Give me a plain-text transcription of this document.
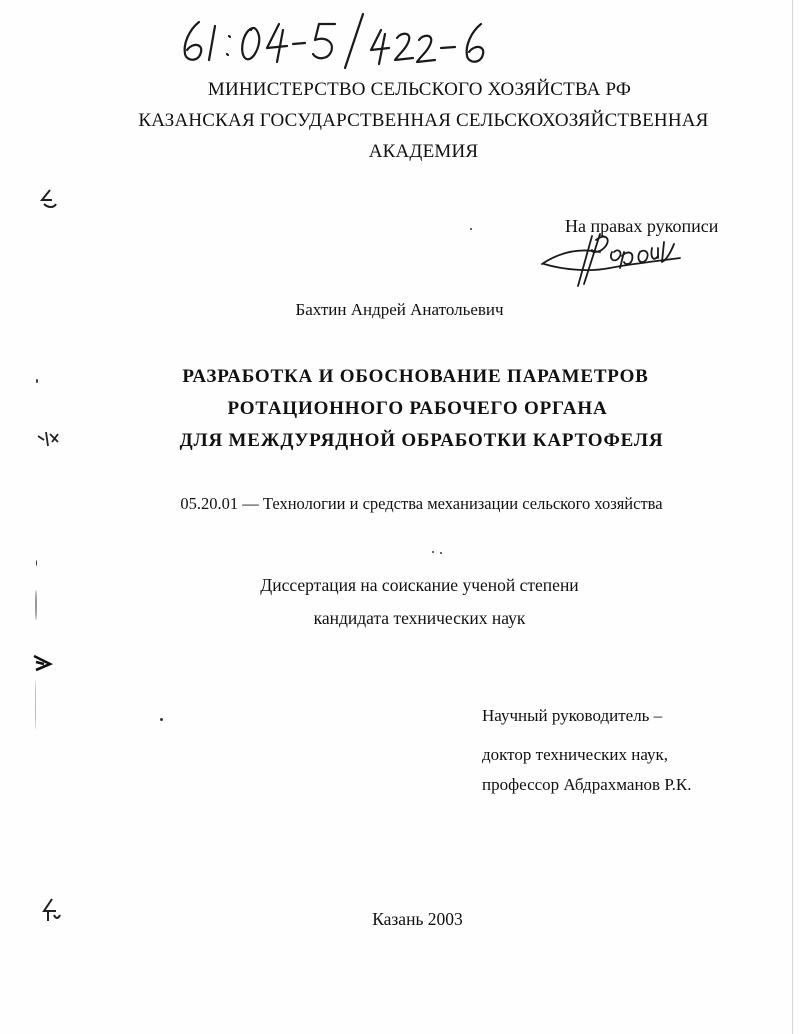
МИНИСТЕРСТВО СЕЛЬСКОГО ХОЗЯЙСТВА РФ
КАЗАНСКАЯ ГОСУДАРСТВЕННАЯ СЕЛЬСКОХОЗЯЙСТВЕННАЯ
АКАДЕМИЯ
На правах рукописи
Бахтин Андрей Анатольевич
РАЗРАБОТКА И ОБОСНОВАНИЕ ПАРАМЕТРОВ
РОТАЦИОННОГО РАБОЧЕГО ОРГАНА
ДЛЯ МЕЖДУРЯДНОЙ ОБРАБОТКИ КАРТОФЕЛЯ
05.20.01 — Технологии и средства механизации сельского хозяйства
Диссертация на соискание ученой степени
кандидата технических наук
Научный руководитель –
доктор технических наук,
профессор Абдрахманов Р.К.
Казань 2003
